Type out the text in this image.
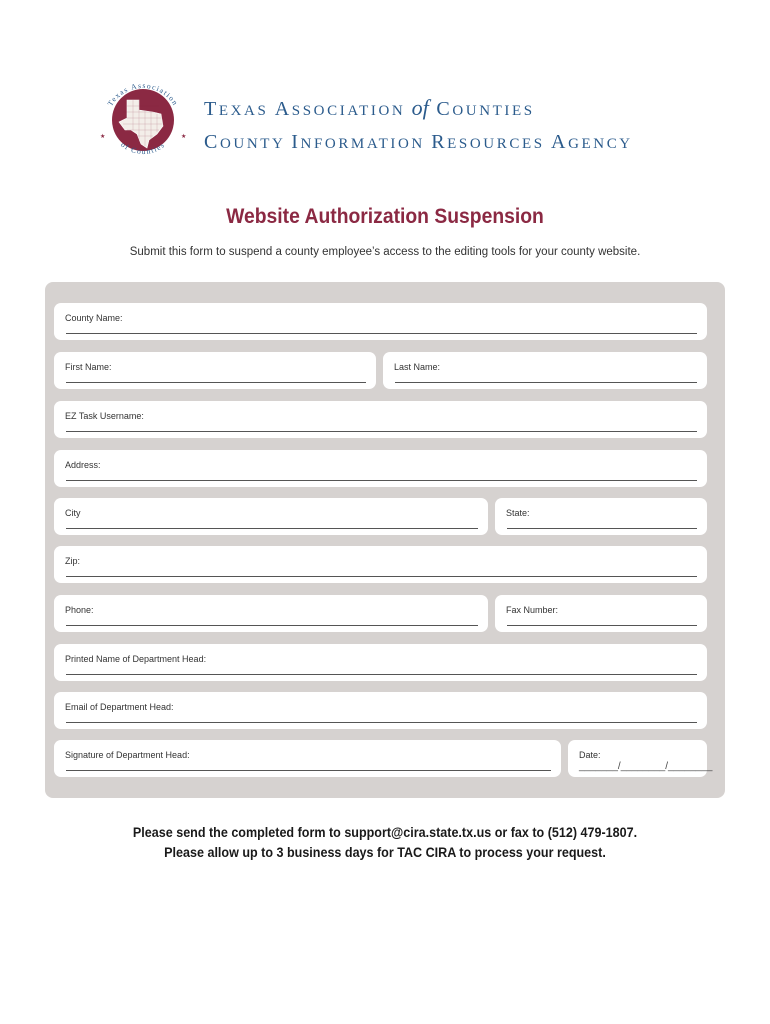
Texas Association
of Counties
★	★
TEXAS ASSOCIATION of COUNTIES
COUNTY INFORMATION RESOURCES AGENCY
Website Authorization Suspension
Submit this form to suspend a county employee’s access to the editing tools for your county website.
County Name:
First Name:	Last Name:
EZ Task Username:
Address:
City	State:
Zip:
Phone:	Fax Number:
Printed Name of Department Head:
Email of Department Head:
Signature of Department Head:	Date:
_______/________/________
Please send the completed form to support@cira.state.tx.us or fax to (512) 479-1807.
Please allow up to 3 business days for TAC CIRA to process your request.
